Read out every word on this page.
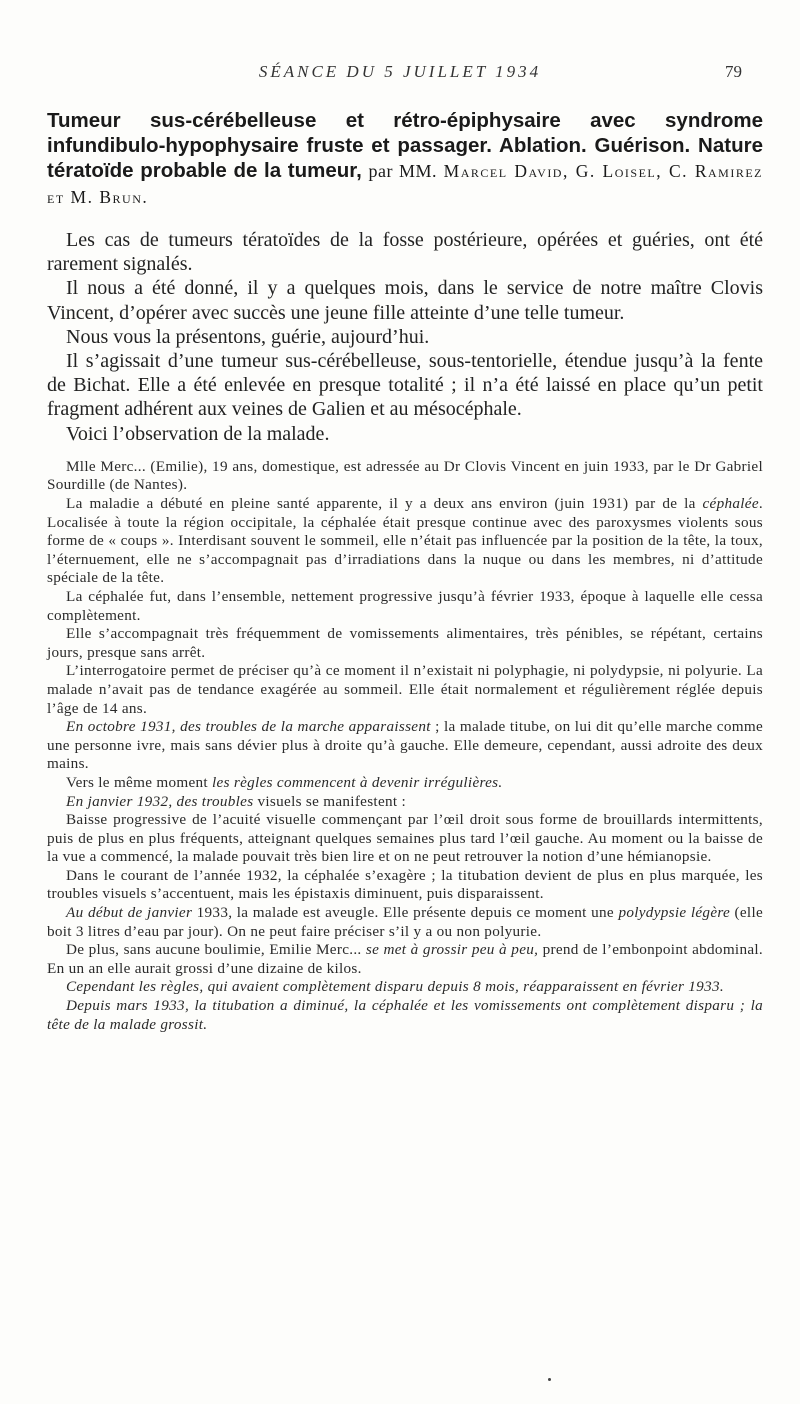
SÉANCE DU 5 JUILLET 1934	79
Tumeur sus-cérébelleuse et rétro-épiphysaire avec syndrome infundibulo-hypophysaire fruste et passager. Ablation. Guérison. Nature tératoïde probable de la tumeur, par MM. Marcel David, G. Loisel, C. Ramirez et M. Brun.

Les cas de tumeurs tératoïdes de la fosse postérieure, opérées et guéries, ont été rarement signalés.

Il nous a été donné, il y a quelques mois, dans le service de notre maître Clovis Vincent, d’opérer avec succès une jeune fille atteinte d’une telle tumeur.

Nous vous la présentons, guérie, aujourd’hui.

Il s’agissait d’une tumeur sus-cérébelleuse, sous-tentorielle, étendue jusqu’à la fente de Bichat. Elle a été enlevée en presque totalité ; il n’a été laissé en place qu’un petit fragment adhérent aux veines de Galien et au mésocéphale.

Voici l’observation de la malade.

Mlle Merc... (Emilie), 19 ans, domestique, est adressée au Dr Clovis Vincent en juin 1933, par le Dr Gabriel Sourdille (de Nantes).

La maladie a débuté en pleine santé apparente, il y a deux ans environ (juin 1931) par de la céphalée. Localisée à toute la région occipitale, la céphalée était presque continue avec des paroxysmes violents sous forme de « coups ». Interdisant souvent le sommeil, elle n’était pas influencée par la position de la tête, la toux, l’éternuement, elle ne s’accompagnait pas d’irradiations dans la nuque ou dans les membres, ni d’attitude spéciale de la tête.

La céphalée fut, dans l’ensemble, nettement progressive jusqu’à février 1933, époque à laquelle elle cessa complètement.

Elle s’accompagnait très fréquemment de vomissements alimentaires, très pénibles, se répétant, certains jours, presque sans arrêt.

L’interrogatoire permet de préciser qu’à ce moment il n’existait ni polyphagie, ni polydypsie, ni polyurie. La malade n’avait pas de tendance exagérée au sommeil. Elle était normalement et régulièrement réglée depuis l’âge de 14 ans.

En octobre 1931, des troubles de la marche apparaissent ; la malade titube, on lui dit qu’elle marche comme une personne ivre, mais sans dévier plus à droite qu’à gauche. Elle demeure, cependant, aussi adroite des deux mains.

Vers le même moment les règles commencent à devenir irrégulières.

En janvier 1932, des troubles visuels se manifestent :

Baisse progressive de l’acuité visuelle commençant par l’œil droit sous forme de brouillards intermittents, puis de plus en plus fréquents, atteignant quelques semaines plus tard l’œil gauche. Au moment ou la baisse de la vue a commencé, la malade pouvait très bien lire et on ne peut retrouver la notion d’une hémianopsie.

Dans le courant de l’année 1932, la céphalée s’exagère ; la titubation devient de plus en plus marquée, les troubles visuels s’accentuent, mais les épistaxis diminuent, puis disparaissent.

Au début de janvier 1933, la malade est aveugle. Elle présente depuis ce moment une polydypsie légère (elle boit 3 litres d’eau par jour). On ne peut faire préciser s’il y a ou non polyurie.

De plus, sans aucune boulimie, Emilie Merc... se met à grossir peu à peu, prend de l’embonpoint abdominal. En un an elle aurait grossi d’une dizaine de kilos.

Cependant les règles, qui avaient complètement disparu depuis 8 mois, réapparaissent en février 1933.

Depuis mars 1933, la titubation a diminué, la céphalée et les vomissements ont complètement disparu ; la tête de la malade grossit.
